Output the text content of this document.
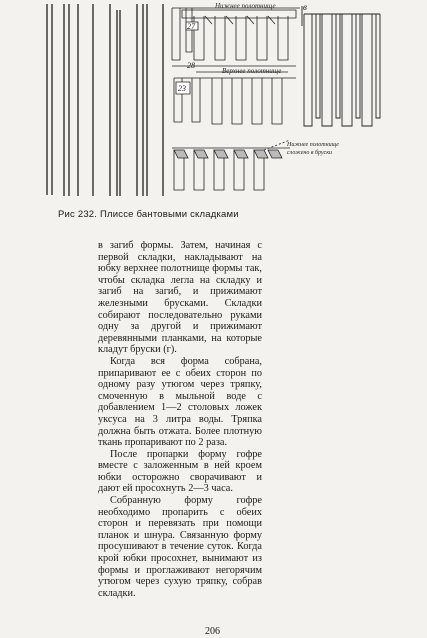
27
Нижнее полотнище
28
Верхнее полотнище
23
Нижнее полотнище
сложено в бруски
в
Рис 232. Плиссе бантовыми складками

в загиб формы. Затем, начиная с первой складки, накладывают на юбку верхнее полотнище формы так, чтобы складка легла на складку и загиб на загиб, и прижимают железными брусками. Складки собирают последовательно руками одну за другой и прижимают деревянными планками, на которые кладут бруски (г).

Когда вся форма собрана, припаривают ее с обеих сторон по одному разу утюгом через тряпку, смоченную в мыльной воде с добавлением 1—2 столовых ложек уксуса на 3 литра воды. Тряпка должна быть отжата. Более плотную ткань пропаривают по 2 раза.

После пропарки форму гофре вместе с заложенным в ней кроем юбки осторожно сворачивают и дают ей просохнуть 2—3 часа.

Собранную форму гофре необходимо пропарить с обеих сторон и перевязать при помощи планок и шнура. Связанную форму просушивают в течение суток. Когда крой юбки просохнет, вынимают из формы и проглаживают негорячим утюгом через сухую тряпку, собрав складки.

206
